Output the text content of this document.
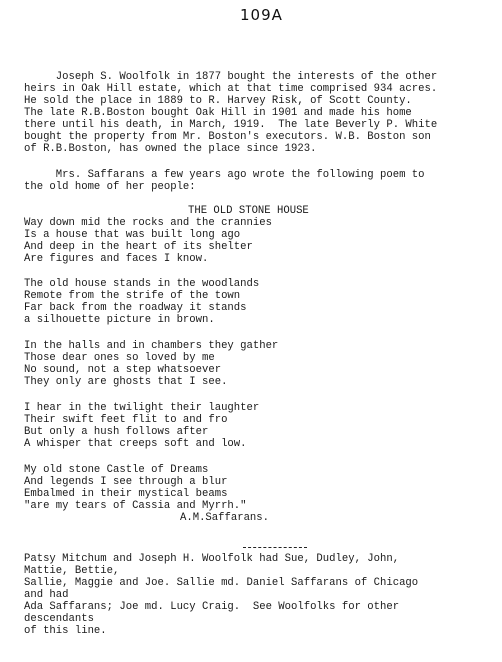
109A
Joseph S. Woolfolk in 1877 bought the interests of the other
heirs in Oak Hill estate, which at that time comprised 934 acres.
He sold the place in 1889 to R. Harvey Risk, of Scott County.
The late R.B.Boston bought Oak Hill in 1901 and made his home
there until his death, in March, 1919.  The late Beverly P. White
bought the property from Mr. Boston's executors. W.B. Boston son
of R.B.Boston, has owned the place since 1923.
Mrs. Saffarans a few years ago wrote the following poem to
the old home of her people:
THE OLD STONE HOUSE
Way down mid the rocks and the crannies
Is a house that was built long ago
And deep in the heart of its shelter
Are figures and faces I know.
The old house stands in the woodlands
Remote from the strife of the town
Far back from the roadway it stands
a silhouette picture in brown.
In the halls and in chambers they gather
Those dear ones so loved by me
No sound, not a step whatsoever
They only are ghosts that I see.
I hear in the twilight their laughter
Their swift feet flit to and fro
But only a hush follows after
A whisper that creeps soft and low.
My old stone Castle of Dreams
And legends I see through a blur
Embalmed in their mystical beams
"are my tears of Cassia and Myrrh."
A.M.Saffarans.
Patsy Mitchum and Joseph H. Woolfolk had Sue, Dudley, John,
Mattie, Bettie,
Sallie, Maggie and Joe. Sallie md. Daniel Saffarans of Chicago
and had
Ada Saffarans; Joe md. Lucy Craig.  See Woolfolks for other
descendants
of this line.
